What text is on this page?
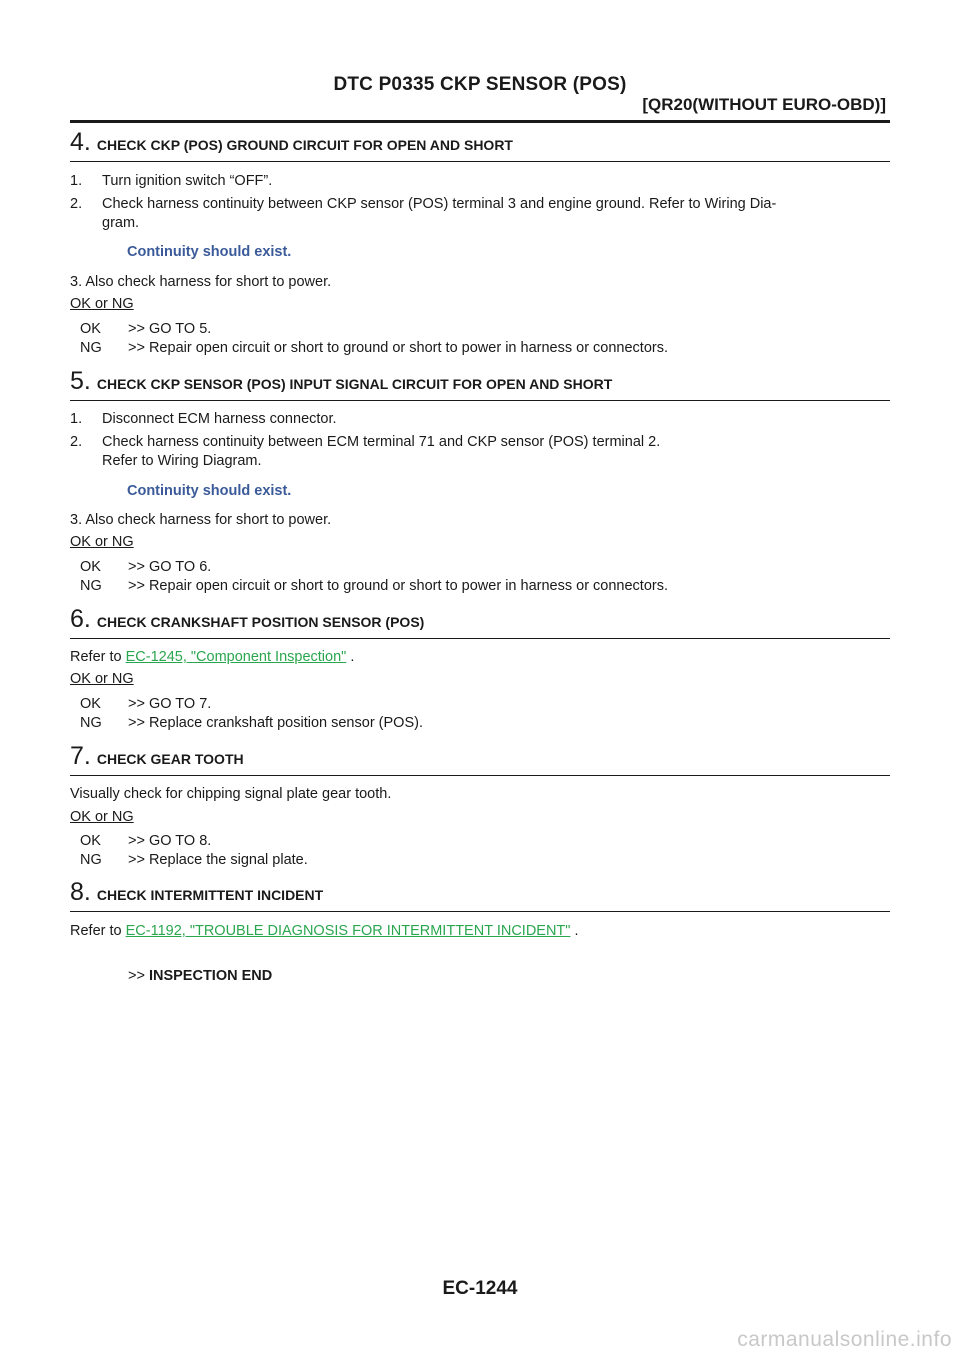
DTC P0335 CKP SENSOR (POS)
[QR20(WITHOUT EURO-OBD)]
4. CHECK CKP (POS) GROUND CIRCUIT FOR OPEN AND SHORT
1. Turn ignition switch “OFF”.
2. Check harness continuity between CKP sensor (POS) terminal 3 and engine ground. Refer to Wiring Dia-
gram.
Continuity should exist.
3. Also check harness for short to power.
OK or NG
OK >> GO TO 5.
NG >> Repair open circuit or short to ground or short to power in harness or connectors.
5. CHECK CKP SENSOR (POS) INPUT SIGNAL CIRCUIT FOR OPEN AND SHORT
1. Disconnect ECM harness connector.
2. Check harness continuity between ECM terminal 71 and CKP sensor (POS) terminal 2.
Refer to Wiring Diagram.
Continuity should exist.
3. Also check harness for short to power.
OK or NG
OK >> GO TO 6.
NG >> Repair open circuit or short to ground or short to power in harness or connectors.
6. CHECK CRANKSHAFT POSITION SENSOR (POS)
Refer to EC-1245, "Component Inspection" .
OK or NG
OK >> GO TO 7.
NG >> Replace crankshaft position sensor (POS).
7. CHECK GEAR TOOTH
Visually check for chipping signal plate gear tooth.
OK or NG
OK >> GO TO 8.
NG >> Replace the signal plate.
8. CHECK INTERMITTENT INCIDENT
Refer to EC-1192, "TROUBLE DIAGNOSIS FOR INTERMITTENT INCIDENT" .
>> INSPECTION END
EC-1244
carmanualsonline.info
